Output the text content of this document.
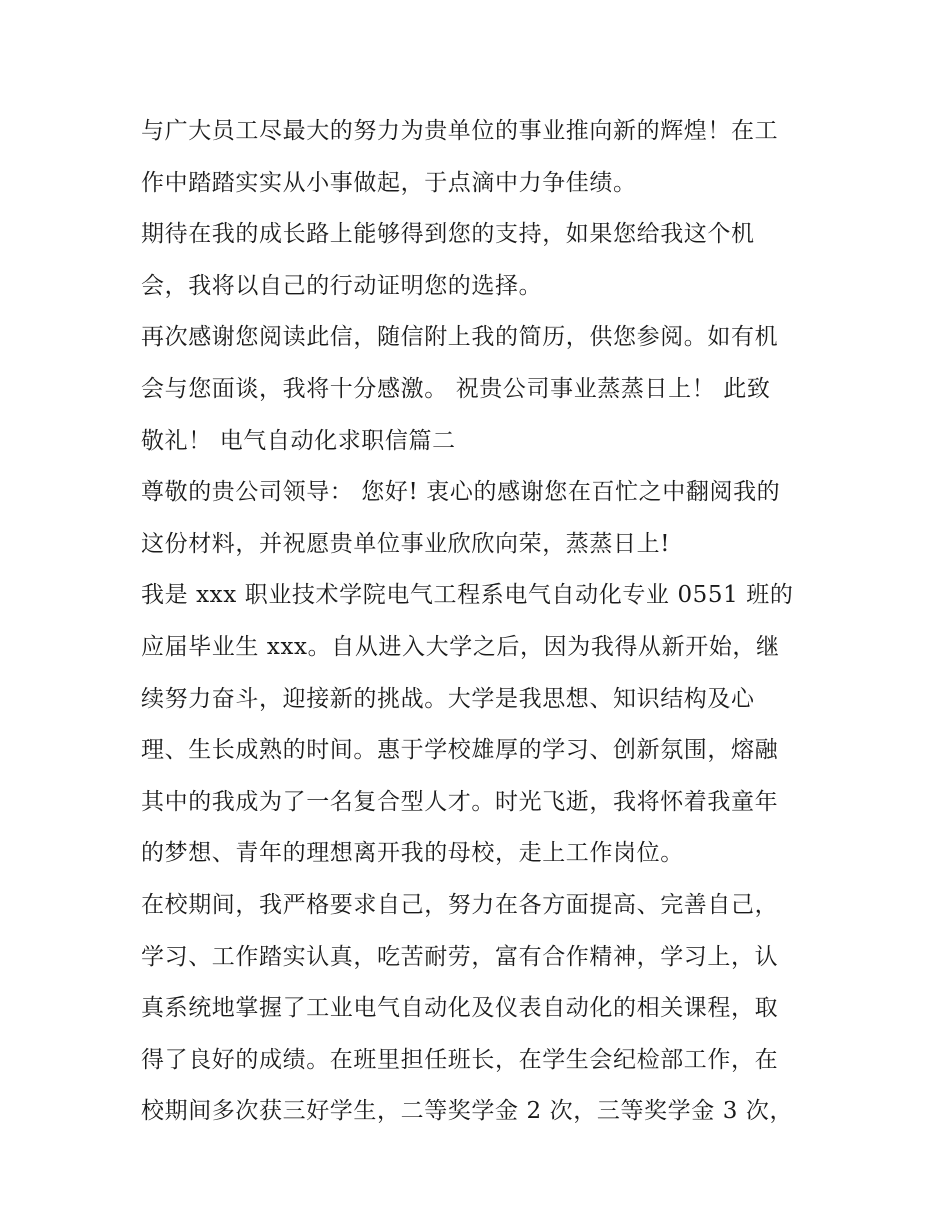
与广大员工尽最大的努力为贵单位的事业推向新的辉煌！在工
作中踏踏实实从小事做起，于点滴中力争佳绩。
期待在我的成长路上能够得到您的支持，如果您给我这个机
会，我将以自己的行动证明您的选择。
再次感谢您阅读此信，随信附上我的简历，供您参阅。如有机
会与您面谈，我将十分感激。 祝贵公司事业蒸蒸日上！ 此致
敬礼！ 电气自动化求职信篇二
尊敬的贵公司领导： 您好! 衷心的感谢您在百忙之中翻阅我的
这份材料，并祝愿贵单位事业欣欣向荣，蒸蒸日上!
我是 xxx 职业技术学院电气工程系电气自动化专业 0551 班的
应届毕业生 xxx。自从进入大学之后，因为我得从新开始，继
续努力奋斗，迎接新的挑战。大学是我思想、知识结构及心
理、生长成熟的时间。惠于学校雄厚的学习、创新氛围，熔融
其中的我成为了一名复合型人才。时光飞逝，我将怀着我童年
的梦想、青年的理想离开我的母校，走上工作岗位。
在校期间，我严格要求自己，努力在各方面提高、完善自己，
学习、工作踏实认真，吃苦耐劳，富有合作精神，学习上，认
真系统地掌握了工业电气自动化及仪表自动化的相关课程，取
得了良好的成绩。在班里担任班长，在学生会纪检部工作，在
校期间多次获三好学生，二等奖学金 2 次，三等奖学金 3 次，
